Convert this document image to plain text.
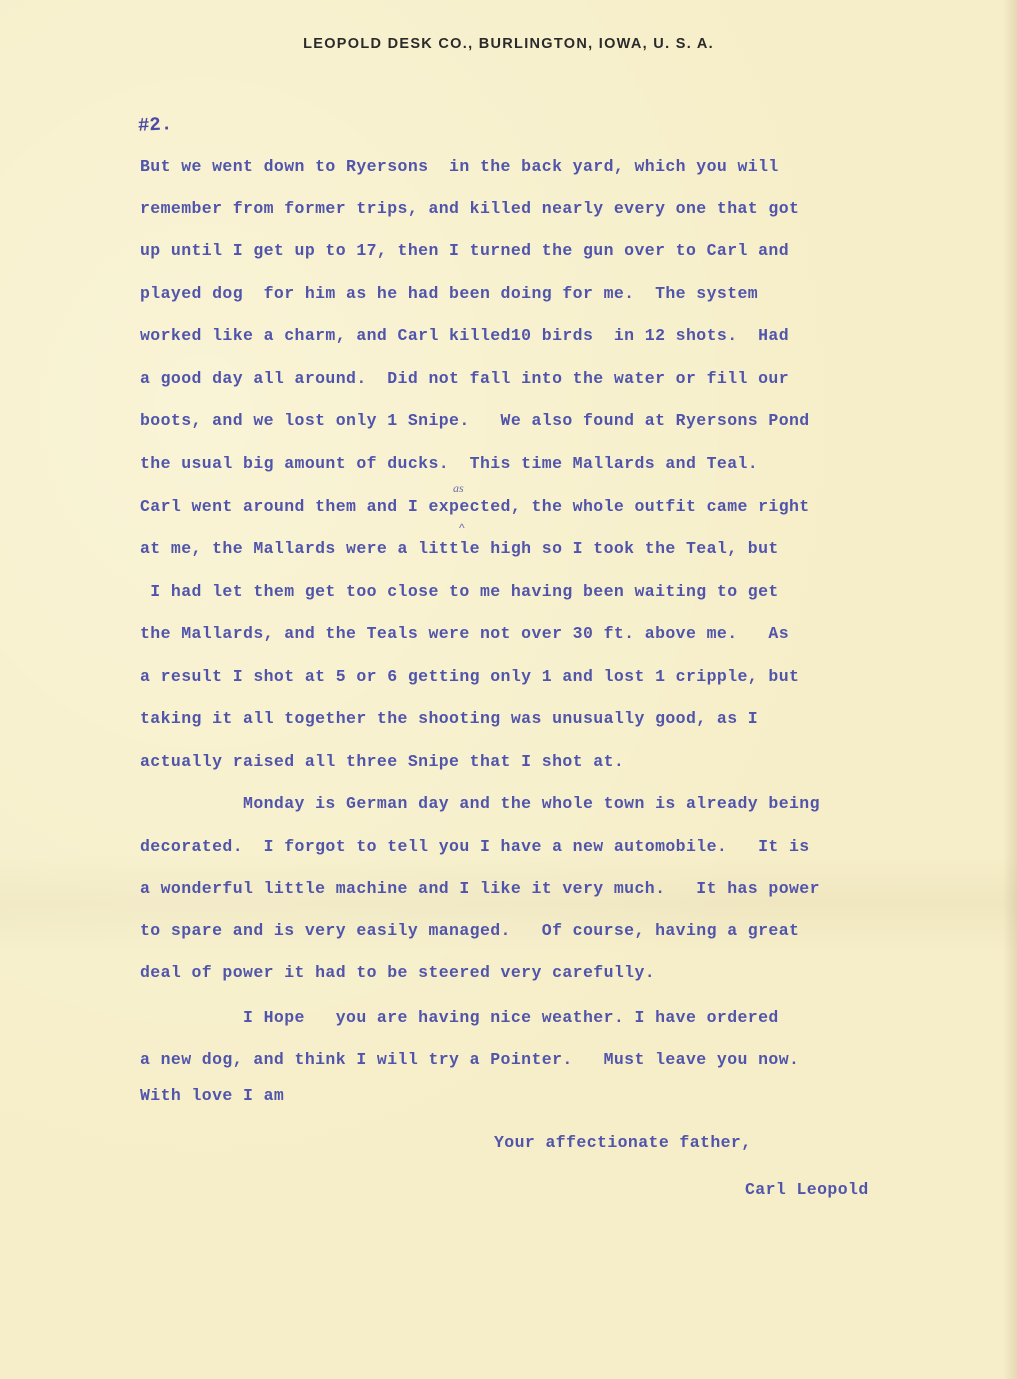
LEOPOLD DESK CO., BURLINGTON, IOWA, U. S. A.
#2.
But we went down to Ryersons  in the back yard, which you will
remember from former trips, and killed nearly every one that got
up until I get up to 17, then I turned the gun over to Carl and
played dog  for him as he had been doing for me.  The system
worked like a charm, and Carl killed10 birds  in 12 shots.  Had
a good day all around.  Did not fall into the water or fill our
boots, and we lost only 1 Snipe.   We also found at Ryersons Pond
the usual big amount of ducks.  This time Mallards and Teal.
Carl went around them and I expected, the whole outfit came right
at me, the Mallards were a little high so I took the Teal, but
I had let them get too close to me having been waiting to get
the Mallards, and the Teals were not over 30 ft. above me.   As
a result I shot at 5 or 6 getting only 1 and lost 1 cripple, but
taking it all together the shooting was unusually good, as I
actually raised all three Snipe that I shot at.
Monday is German day and the whole town is already being
decorated.  I forgot to tell you I have a new automobile.   It is
a wonderful little machine and I like it very much.   It has power
to spare and is very easily managed.   Of course, having a great
deal of power it had to be steered very carefully.
I Hope   you are having nice weather. I have ordered
a new dog, and think I will try a Pointer.   Must leave you now.
With love I am
as
^
Your affectionate father,
Carl Leopold
